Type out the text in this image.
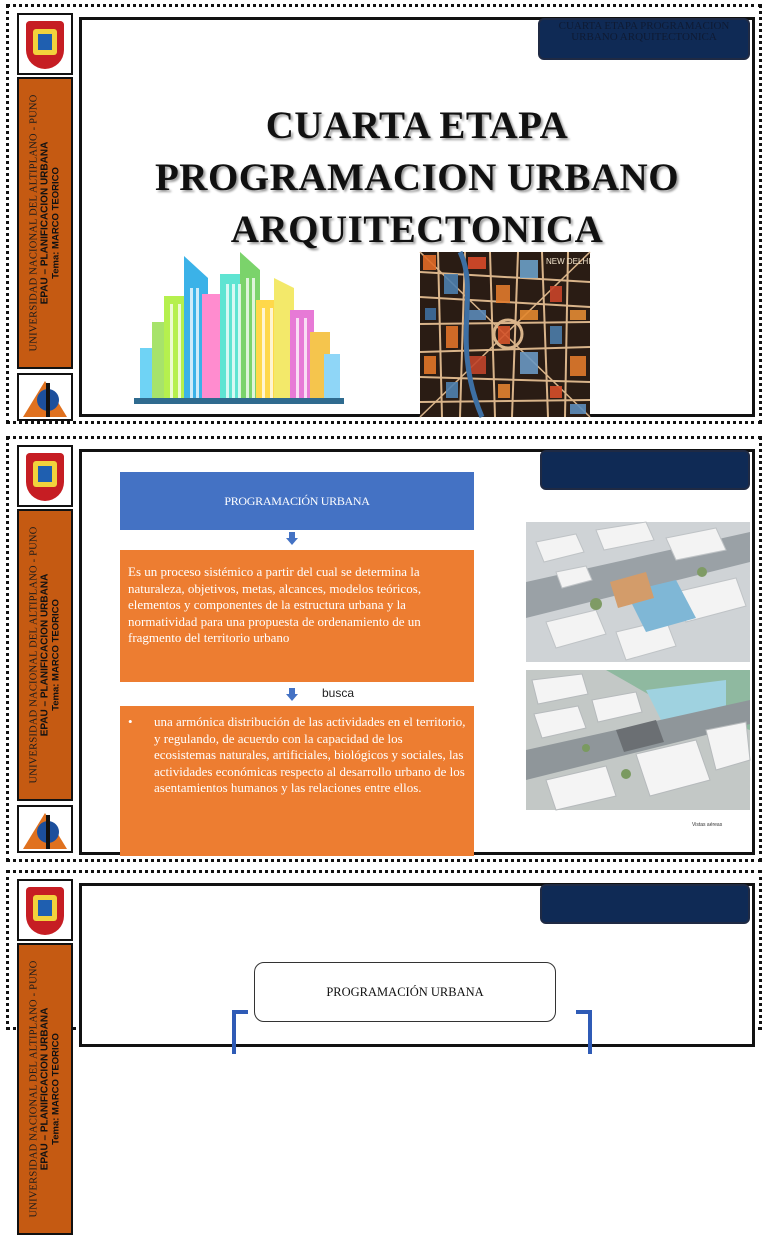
UNIVERSIDAD NACIONAL DEL ALTIPLANO - PUNO EPAU – PLANIFICACION URBANA Tema: MARCO TEORICO
CUARTA ETAPA PROGRAMACION URBANO ARQUITECTONICA
CUARTA ETAPA
PROGRAMACION URBANO
ARQUITECTONICA
NEW DELHI
UNIVERSIDAD NACIONAL DEL ALTIPLANO - PUNO EPAU – PLANIFICACION URBANA Tema: MARCO TEORICO
PROGRAMACIÓN URBANA
Es un proceso sistémico a partir del cual se determina la naturaleza, objetivos, metas, alcances, modelos teóricos, elementos y componentes de la estructura urbana y la normatividad para una propuesta de ordenamiento de un fragmento del territorio urbano
busca
•	una armónica distribución de las actividades en el territorio, y regulando, de acuerdo con la capacidad de los ecosistemas naturales, artificiales, biológicos y sociales, las actividades económicas respecto al desarrollo urbano de los asentamientos humanos y las relaciones entre ellos.
Vistas aéreas
UNIVERSIDAD NACIONAL DEL ALTIPLANO - PUNO EPAU – PLANIFICACION URBANA Tema: MARCO TEORICO
PROGRAMACIÓN URBANA
